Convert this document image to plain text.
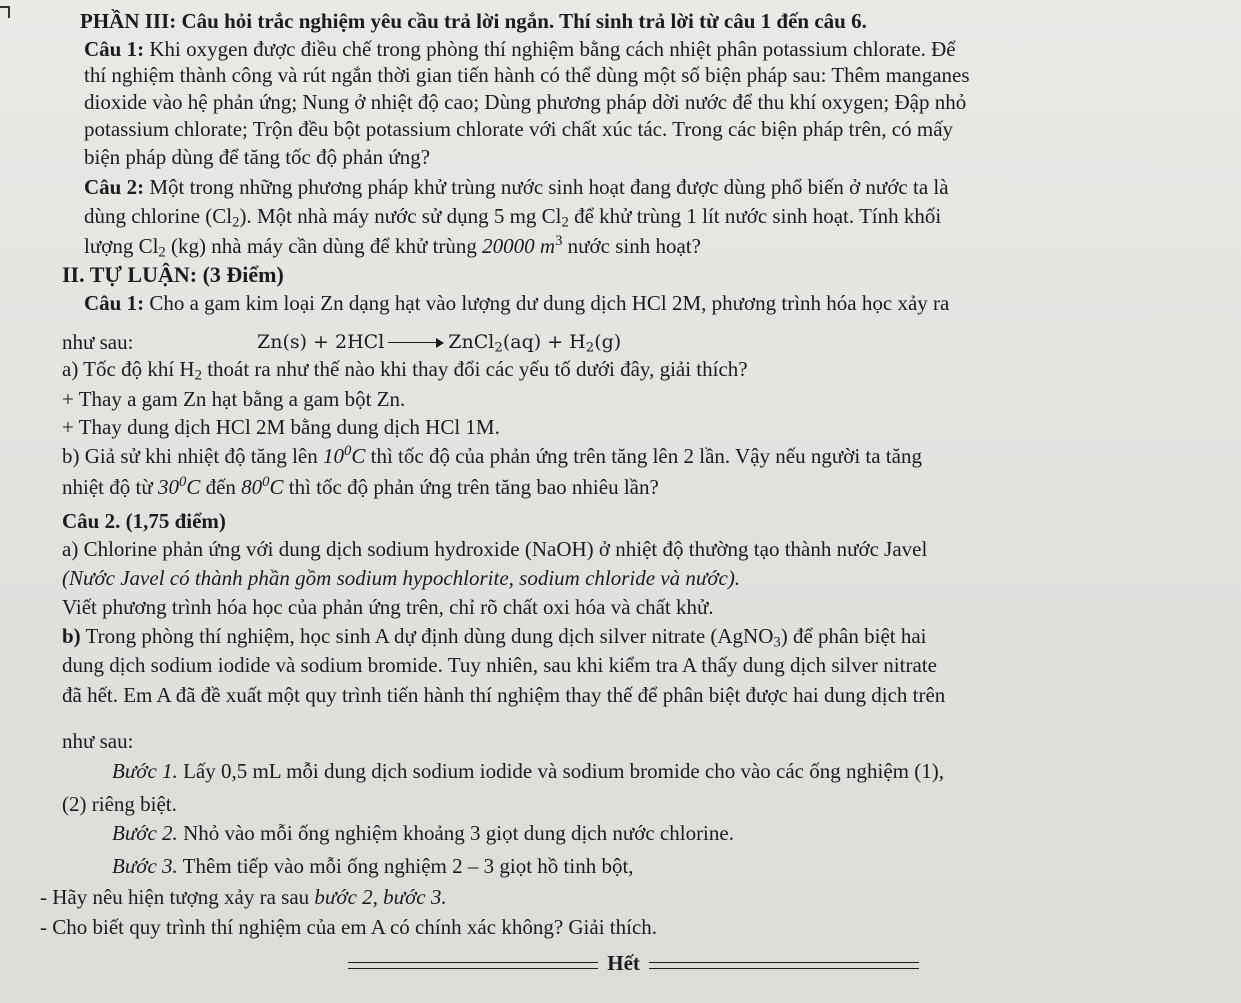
PHẦN III: Câu hỏi trắc nghiệm yêu cầu trả lời ngắn. Thí sinh trả lời từ câu 1 đến câu 6.
Câu 1: Khi oxygen được điều chế trong phòng thí nghiệm bằng cách nhiệt phân potassium chlorate. Để
thí nghiệm thành công và rút ngắn thời gian tiến hành có thể dùng một số biện pháp sau: Thêm manganes
dioxide vào hệ phản ứng; Nung ở nhiệt độ cao; Dùng phương pháp dời nước để thu khí oxygen; Đập nhỏ
potassium chlorate; Trộn đều bột potassium chlorate với chất xúc tác. Trong các biện pháp trên, có mấy
biện pháp dùng để tăng tốc độ phản ứng?
Câu 2: Một trong những phương pháp khử trùng nước sinh hoạt đang được dùng phổ biến ở nước ta là
dùng chlorine $(Cl_2)$. Một nhà máy nước sử dụng 5 mg $Cl_2$ để khử trùng 1 lít nước sinh hoạt. Tính khối
lượng $Cl_2$ (kg) nhà máy cần dùng để khử trùng 20000 $m^3$ nước sinh hoạt?
II. TỰ LUẬN: (3 Điểm)
Câu 1: Cho a gam kim loại Zn dạng hạt vào lượng dư dung dịch HCl 2M, phương trình hóa học xảy ra
như sau:	Zn(s) + 2HCl	ZnCl$_2$(aq) + $H_2(g)$
a) Tốc độ khí $H_2$ thoát ra như thế nào khi thay đổi các yếu tố dưới đây, giải thích?
+ Thay a gam Zn hạt bằng a gam bột Zn.
+ Thay dung dịch HCl 2M bằng dung dịch HCl 1M.
b) Giả sử khi nhiệt độ tăng lên $10^0C$ thì tốc độ của phản ứng trên tăng lên 2 lần. Vậy nếu người ta tăng
nhiệt độ từ $30^0C$ đến $80^0C$ thì tốc độ phản ứng trên tăng bao nhiêu lần?
Câu 2. (1,75 điểm)
a) Chlorine phản ứng với dung dịch sodium hydroxide (NaOH) ở nhiệt độ thường tạo thành nước Javel
(Nước Javel có thành phần gồm sodium hypochlorite, sodium chloride và nước).
Viết phương trình hóa học của phản ứng trên, chỉ rõ chất oxi hóa và chất khử.
b) Trong phòng thí nghiệm, học sinh A dự định dùng dung dịch silver nitrate (AgNO$_3$) để phân biệt hai
dung dịch sodium iodide và sodium bromide. Tuy nhiên, sau khi kiểm tra A thấy dung dịch silver nitrate
đã hết. Em A đã đề xuất một quy trình tiến hành thí nghiệm thay thế để phân biệt được hai dung dịch trên
như sau:
Bước 1. Lấy 0,5 mL mỗi dung dịch sodium iodide và sodium bromide cho vào các ống nghiệm (1),
(2) riêng biệt.
Bước 2. Nhỏ vào mỗi ống nghiệm khoảng 3 giọt dung dịch nước chlorine.
Bước 3. Thêm tiếp vào mỗi ống nghiệm 2 – 3 giọt hồ tinh bột,
- Hãy nêu hiện tượng xảy ra sau bước 2, bước 3.
- Cho biết quy trình thí nghiệm của em A có chính xác không? Giải thích.
Hết
